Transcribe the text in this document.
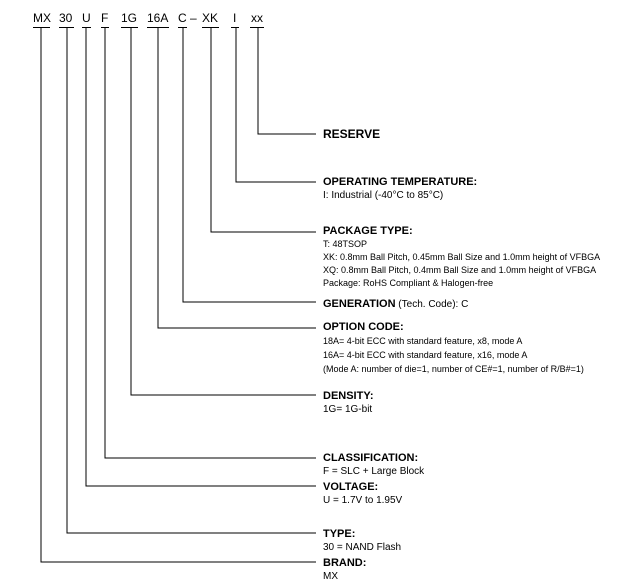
MX 30 U F 1G 16A C – XK I xx
RESERVE
OPERATING TEMPERATURE:
I: Industrial (-40°C to 85°C)
PACKAGE TYPE:
T: 48TSOP
XK: 0.8mm Ball Pitch, 0.45mm Ball Size and 1.0mm height of VFBGA
XQ: 0.8mm Ball Pitch, 0.4mm Ball Size and 1.0mm height of VFBGA
Package: RoHS Compliant & Halogen-free
GENERATION (Tech. Code): C
OPTION CODE:
18A= 4-bit ECC with standard feature, x8, mode A
16A= 4-bit ECC with standard feature, x16, mode A
(Mode A: number of die=1, number of CE#=1, number of R/B#=1)
DENSITY:
1G= 1G-bit
CLASSIFICATION:
F = SLC + Large Block
VOLTAGE:
U = 1.7V to 1.95V
TYPE:
30 = NAND Flash
BRAND:
MX
